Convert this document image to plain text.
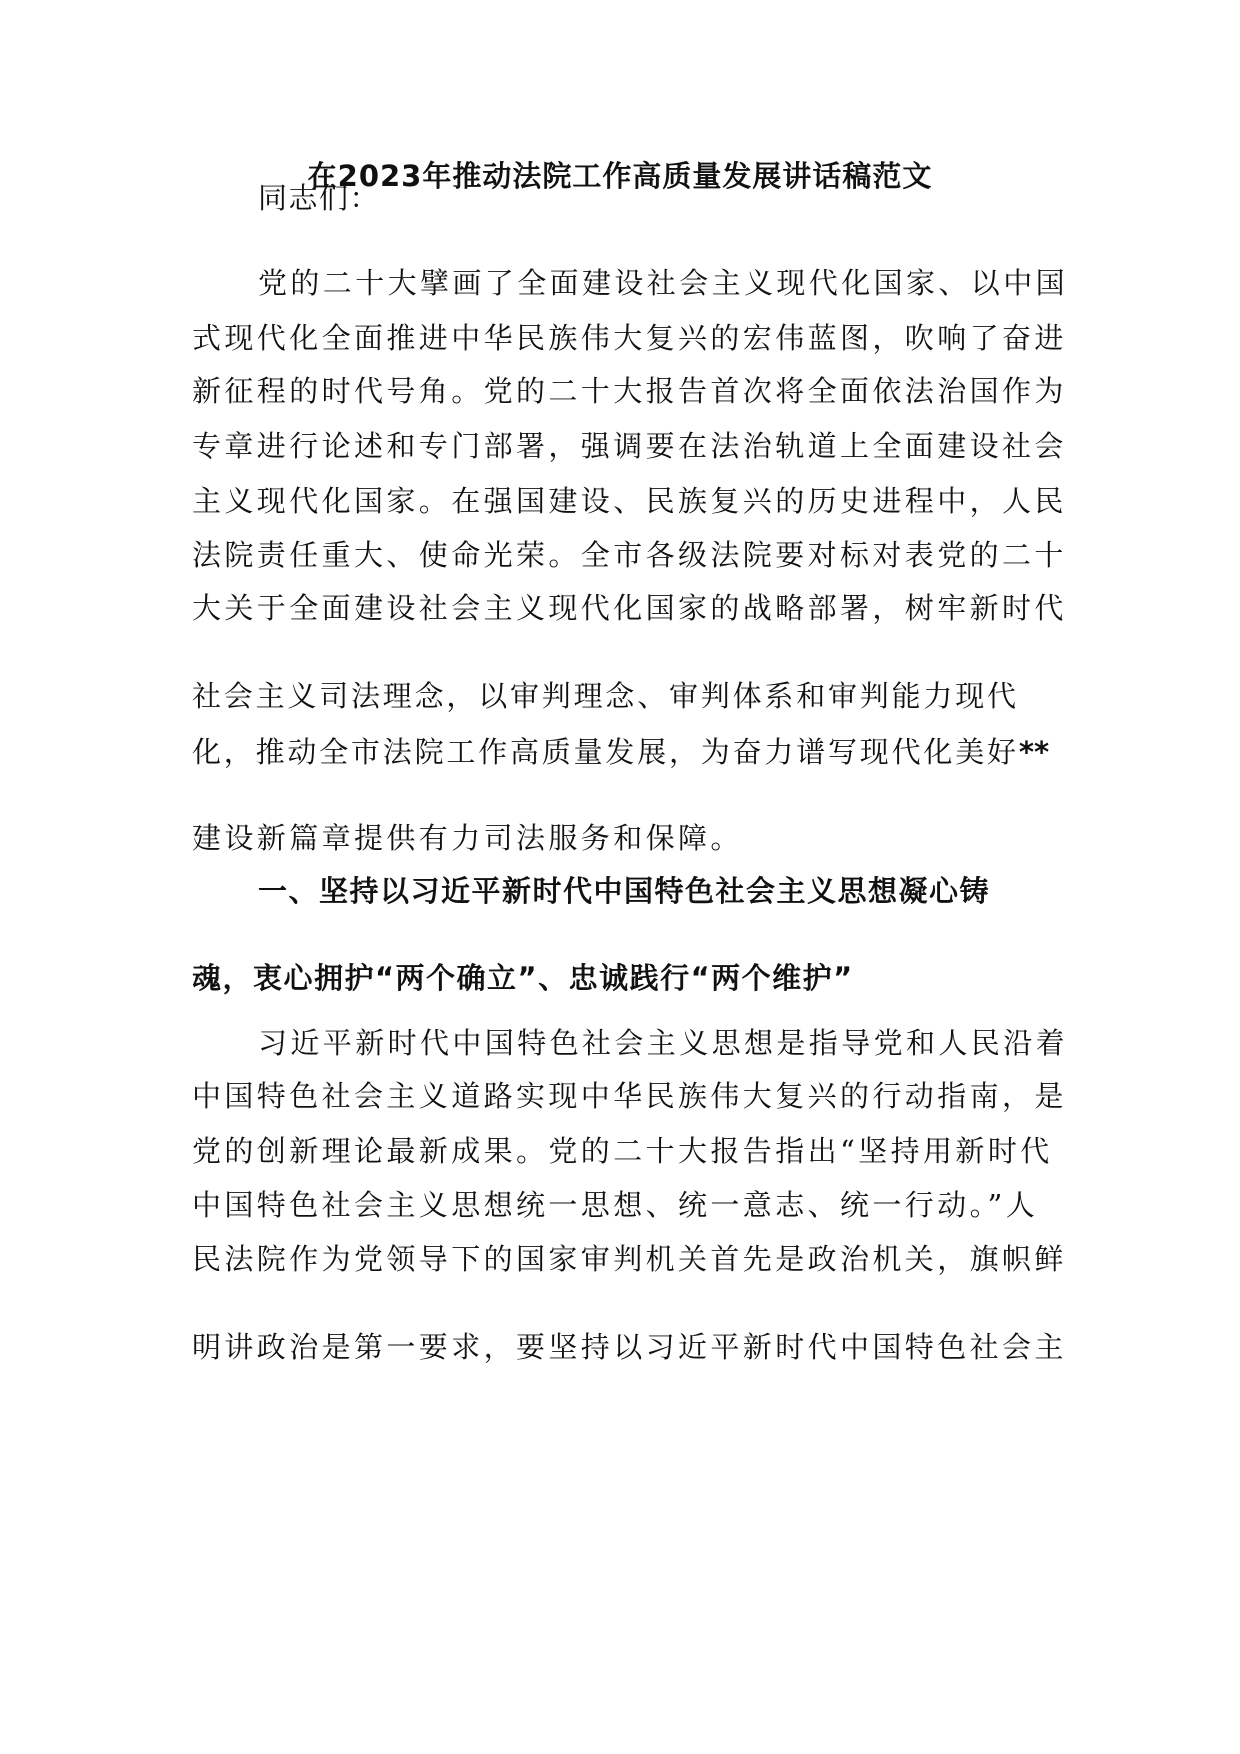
在2023年推动法院工作高质量发展讲话稿范文

同志们：

党的二十大擘画了全面建设社会主义现代化国家、以中国

式现代化全面推进中华民族伟大复兴的宏伟蓝图，吹响了奋进

新征程的时代号角。党的二十大报告首次将全面依法治国作为

专章进行论述和专门部署，强调要在法治轨道上全面建设社会

主义现代化国家。在强国建设、民族复兴的历史进程中，人民

法院责任重大、使命光荣。全市各级法院要对标对表党的二十

大关于全面建设社会主义现代化国家的战略部署，树牢新时代

社会主义司法理念，以审判理念、审判体系和审判能力现代

化，推动全市法院工作高质量发展，为奋力谱写现代化美好**

建设新篇章提供有力司法服务和保障。

一、坚持以习近平新时代中国特色社会主义思想凝心铸

魂，衷心拥护“两个确立”、忠诚践行“两个维护”

习近平新时代中国特色社会主义思想是指导党和人民沿着

中国特色社会主义道路实现中华民族伟大复兴的行动指南，是

党的创新理论最新成果。党的二十大报告指出“坚持用新时代

中国特色社会主义思想统一思想、统一意志、统一行动。”人

民法院作为党领导下的国家审判机关首先是政治机关，旗帜鲜

明讲政治是第一要求，要坚持以习近平新时代中国特色社会主
